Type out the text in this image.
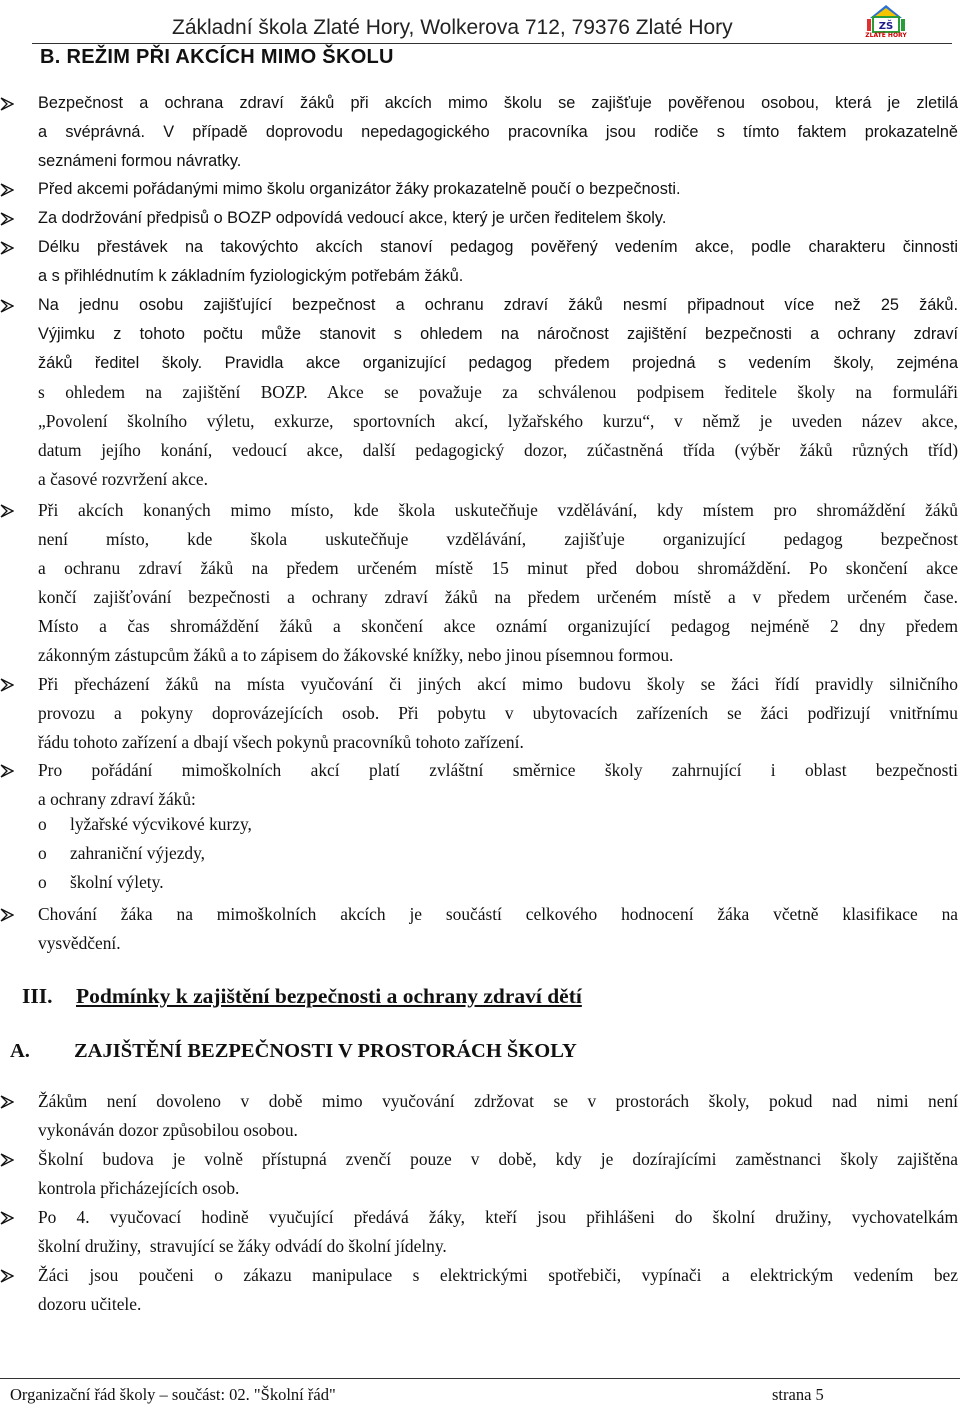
Základní škola Zlaté Hory, Wolkerova 712, 79376 Zlaté Hory	ZŠ
ZLATÉ HORY
B. REŽIM PŘI AKCÍCH MIMO ŠKOLU
Bezpečnost a ochrana zdraví žáků při akcích mimo školu se zajišťuje pověřenou osobou, která je zletilá
a svéprávná. V případě doprovodu nepedagogického pracovníka jsou rodiče s tímto faktem prokazatelně
seznámeni formou návratky.
Před akcemi pořádanými mimo školu organizátor žáky prokazatelně poučí o bezpečnosti.
Za dodržování předpisů o BOZP odpovídá vedoucí akce, který je určen ředitelem školy.
Délku přestávek na takovýchto akcích stanoví pedagog pověřený vedením akce, podle charakteru činnosti
a s přihlédnutím k základním fyziologickým potřebám žáků.
Na jednu osobu zajišťující bezpečnost a ochranu zdraví žáků nesmí připadnout více než 25 žáků.
Výjimku z tohoto počtu může stanovit s ohledem na náročnost zajištění bezpečnosti a ochrany zdraví
žáků ředitel školy. Pravidla akce organizující pedagog předem projedná s vedením školy, zejména
s ohledem na zajištění BOZP. Akce se považuje za schválenou podpisem ředitele školy na formuláři
„Povolení školního výletu, exkurze, sportovních akcí, lyžařského kurzu“, v němž je uveden název akce,
datum jejího konání, vedoucí akce, další pedagogický dozor, zúčastněná třída (výběr žáků různých tříd)
a časové rozvržení akce.
Při akcích konaných mimo místo, kde škola uskutečňuje vzdělávání, kdy místem pro shromáždění žáků
není místo, kde škola uskutečňuje vzdělávání, zajišťuje organizující pedagog bezpečnost
a ochranu zdraví žáků na předem určeném místě 15 minut před dobou shromáždění. Po skončení akce
končí zajišťování bezpečnosti a ochrany zdraví žáků na předem určeném místě a v předem určeném čase.
Místo a čas shromáždění žáků a skončení akce oznámí organizující pedagog nejméně 2 dny předem
zákonným zástupcům žáků a to zápisem do žákovské knížky, nebo jinou písemnou formou.
Při přecházení žáků na místa vyučování či jiných akcí mimo budovu školy se žáci řídí pravidly silničního
provozu a pokyny doprovázejících osob. Při pobytu v ubytovacích zařízeních se žáci podřizují vnitřnímu
řádu tohoto zařízení a dbají všech pokynů pracovníků tohoto zařízení.
Pro pořádání mimoškolních akcí platí zvláštní směrnice školy zahrnující i oblast bezpečnosti
a ochrany zdraví žáků:
o lyžařské výcvikové kurzy,
o zahraniční výjezdy,
o školní výlety.
Chování žáka na mimoškolních akcích je součástí celkového hodnocení žáka včetně klasifikace na
vysvědčení.
III. Podmínky k zajištění bezpečnosti a ochrany zdraví dětí
A. ZAJIŠTĚNÍ BEZPEČNOSTI V PROSTORÁCH ŠKOLY
Žákům není dovoleno v době mimo vyučování zdržovat se v prostorách školy, pokud nad nimi není
vykonáván dozor způsobilou osobou.
Školní budova je volně přístupná zvenčí pouze v době, kdy je dozírajícími zaměstnanci školy zajištěna
kontrola přicházejících osob.
Po 4. vyučovací hodině vyučující předává žáky, kteří jsou přihlášeni do školní družiny, vychovatelkám
školní družiny,  stravující se žáky odvádí do školní jídelny.
Žáci jsou poučeni o zákazu manipulace s elektrickými spotřebiči, vypínači a elektrickým vedením bez
dozoru učitele.
Organizační řád školy – součást: 02. "Školní řád"	strana 5
